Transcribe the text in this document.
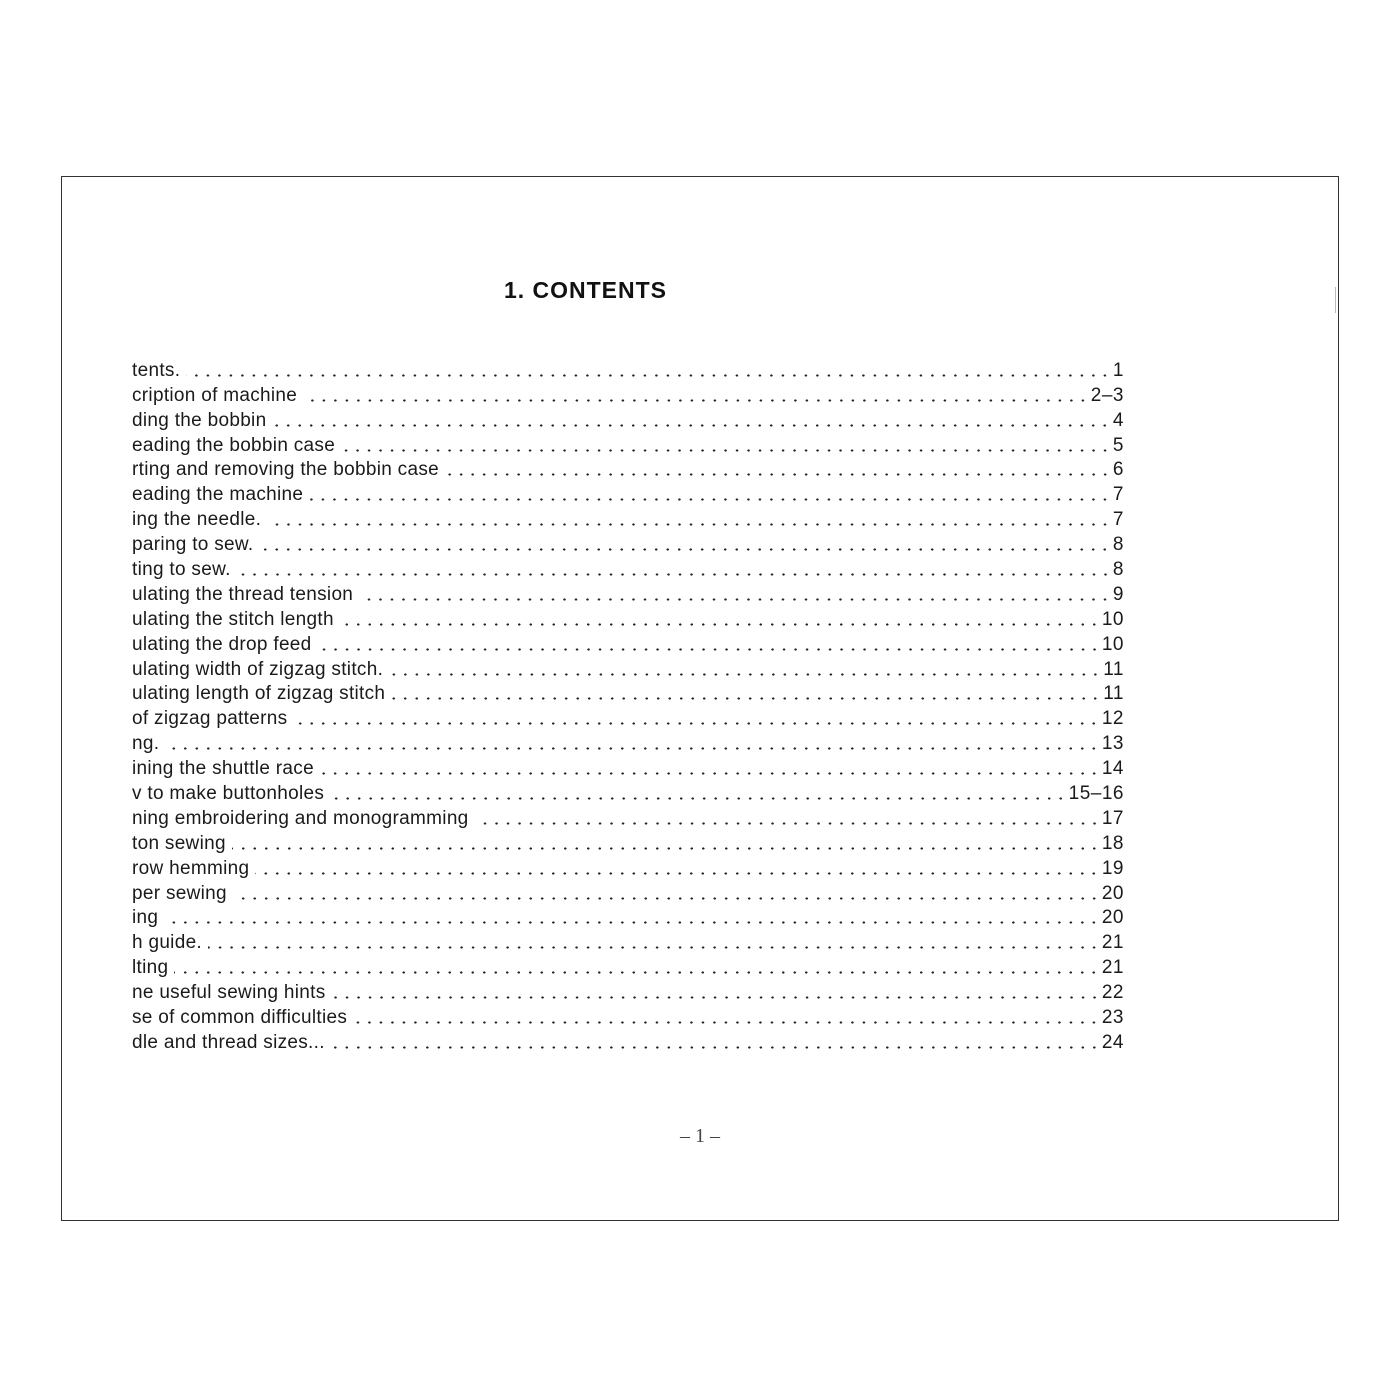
1. CONTENTS
tents.	1
cription of machine	2–3
ding the bobbin	4
eading the bobbin case	5
rting and removing the bobbin case	6
eading the machine	7
ing the needle.	7
paring to sew.	8
ting to sew.	8
ulating the thread tension	9
ulating the stitch length	10
ulating the drop feed	10
ulating width of zigzag stitch.	11
ulating length of zigzag stitch	11
of zigzag patterns	12
ng.	13
ining the shuttle race	14
v to make buttonholes	15–16
ning embroidering and monogramming	17
ton sewing	18
row hemming	19
per sewing	20
ing	20
h guide.	21
lting	21
ne useful sewing hints	22
se of common difficulties	23
dle and thread sizes...	24
– 1 –
